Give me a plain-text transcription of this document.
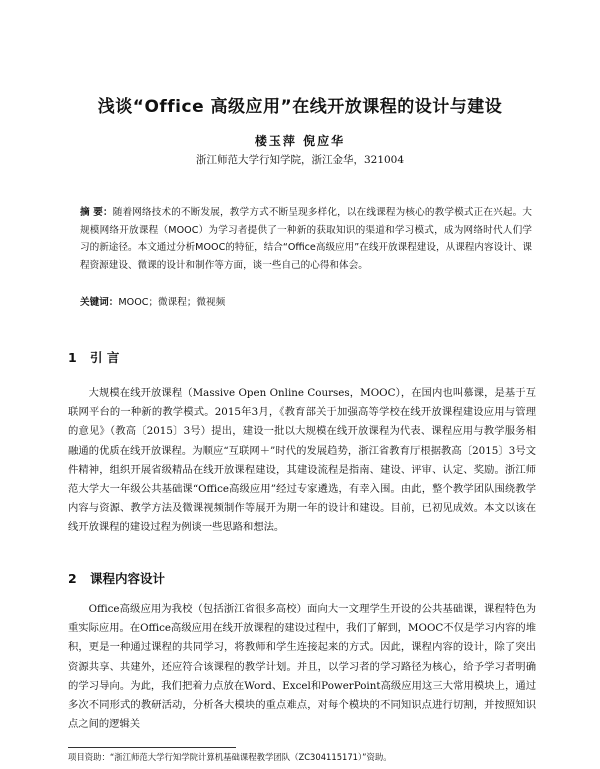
浅谈“Office 高级应用”在线开放课程的设计与建设
楼玉萍 倪应华
浙江师范大学行知学院，浙江金华，321004
摘 要：随着网络技术的不断发展，教学方式不断呈现多样化，以在线课程为核心的教学模式正在兴起。大规模网络开放课程（MOOC）为学习者提供了一种新的获取知识的渠道和学习模式，成为网络时代人们学习的新途径。本文通过分析MOOC的特征，结合“Office高级应用”在线开放课程建设，从课程内容设计、课程资源建设、微课的设计和制作等方面，谈一些自己的心得和体会。
关键词：MOOC；微课程；微视频
1 引 言
大规模在线开放课程（Massive Open Online Courses，MOOC），在国内也叫慕课，是基于互联网平台的一种新的教学模式。2015年3月，《教育部关于加强高等学校在线开放课程建设应用与管理的意见》（教高〔2015〕3号）提出，建设一批以大规模在线开放课程为代表、课程应用与教学服务相融通的优质在线开放课程。为顺应“互联网＋”时代的发展趋势，浙江省教育厅根据教高〔2015〕3号文件精神，组织开展省级精品在线开放课程建设，其建设流程是指南、建设、评审、认定、奖励。浙江师范大学大一年级公共基础课“Office高级应用”经过专家遴选，有幸入围。由此，整个教学团队围绕教学内容与资源、教学方法及微课视频制作等展开为期一年的设计和建设。目前，已初见成效。本文以该在线开放课程的建设过程为例谈一些思路和想法。
2 课程内容设计
Office高级应用为我校（包括浙江省很多高校）面向大一文理学生开设的公共基础课，课程特色为重实际应用。在Office高级应用在线开放课程的建设过程中，我们了解到，MOOC不仅是学习内容的堆积，更是一种通过课程的共同学习，将教师和学生连接起来的方式。因此，课程内容的设计，除了突出资源共享、共建外，还应符合该课程的教学计划。并且，以学习者的学习路径为核心，给予学习者明确的学习导向。为此，我们把着力点放在Word、Excel和PowerPoint高级应用这三大常用模块上，通过多次不同形式的教研活动，分析各大模块的重点难点，对每个模块的不同知识点进行切割，并按照知识点之间的逻辑关
项目资助：“浙江师范大学行知学院计算机基础课程教学团队（ZC304115171）”资助。
